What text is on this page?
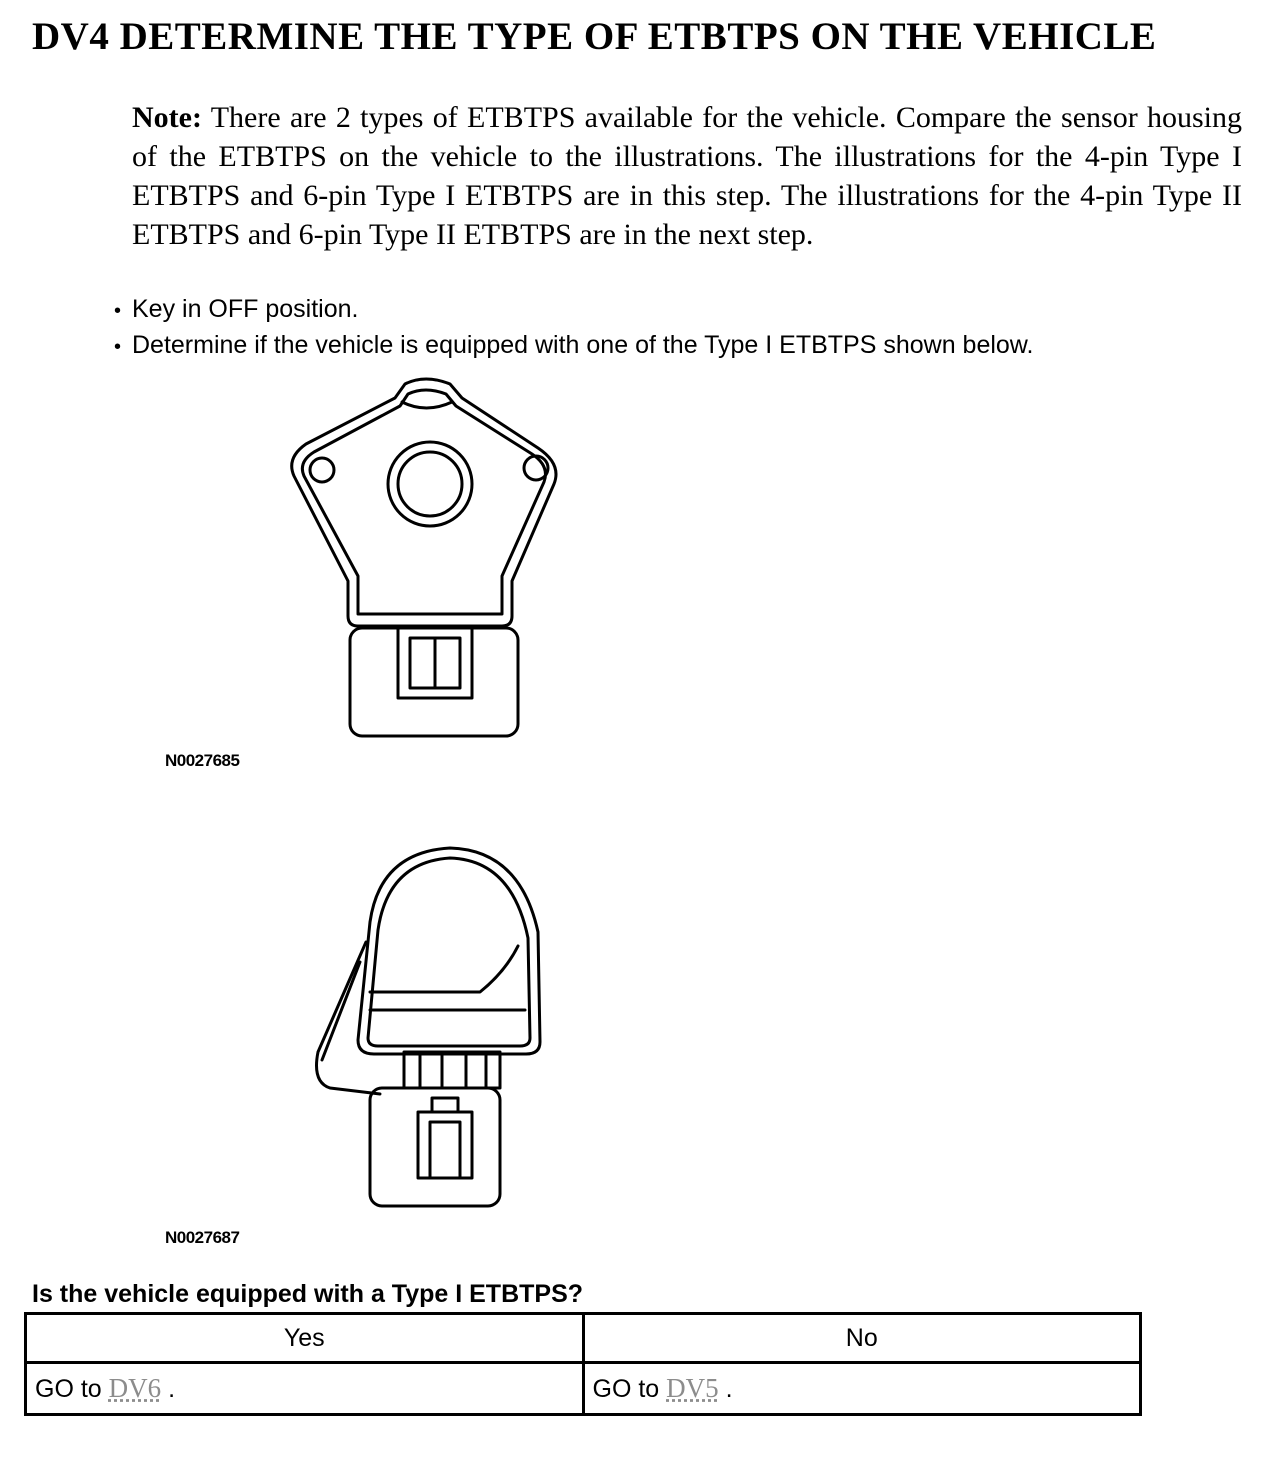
DV4 DETERMINE THE TYPE OF ETBTPS ON THE VEHICLE

Note: There are 2 types of ETBTPS available for the vehicle. Compare the sensor housing of the ETBTPS on the vehicle to the illustrations. The illustrations for the 4-pin Type I ETBTPS and 6-pin Type I ETBTPS are in this step. The illustrations for the 4-pin Type II ETBTPS and 6-pin Type II ETBTPS are in the next step.

• Key in OFF position.
• Determine if the vehicle is equipped with one of the Type I ETBTPS shown below.
N0027685
N0027687

Is the vehicle equipped with a Type I ETBTPS?

Yes	No
GO to DV6 .	GO to DV5 .
